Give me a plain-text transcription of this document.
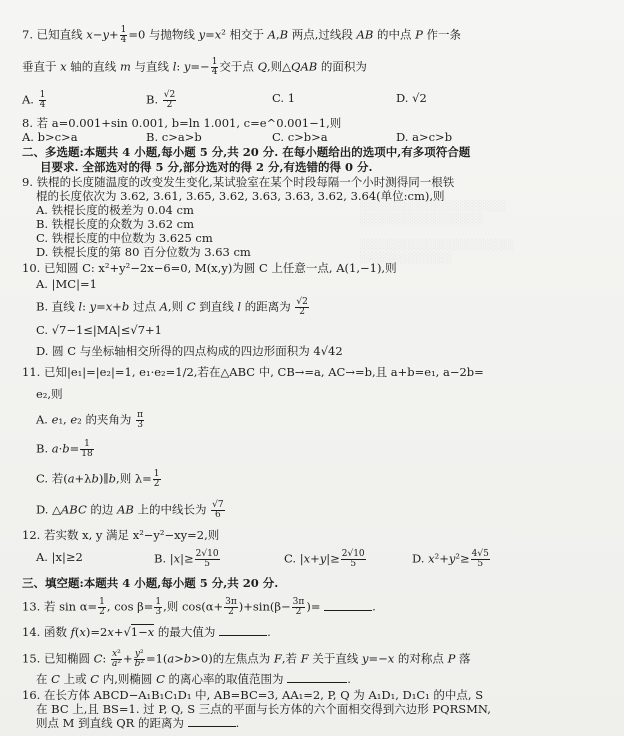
░░░░░░░░░░░░░░░░░░░
░░░░░░░░░░░░░░░░

░░░░░░░░░░░░░░░░░░░░
░░░░░░░░░░░░

7. 已知直线 $x-y+ \frac{1}{4} =0$ 与抛物线 y=x² 相交于 A,B 两点,过线段 AB 的中点 P 作一条
垂直于 x 轴的直线 m 与直线 l: $y=- \frac{1}{4}$ 交于点 Q,则△QAB 的面积为
A. $\frac{1}{4}$	B. $\frac{√2}{2}$	C. 1	D. √2
8. 若 a=0.001+sin 0.001, b=ln 1.001, c=e^0.001−1,则
A. b>c>a	B. c>a>b	C. c>b>a	D. a>c>b
二、多选题:本题共 4 小题,每小题 5 分,共 20 分. 在每小题给出的选项中,有多项符合题
目要求. 全部选对的得 5 分,部分选对的得 2 分,有选错的得 0 分.
9. 铁棍的长度随温度的改变发生变化,某试验室在某个时段每隔一个小时测得同一根铁
棍的长度依次为 3.62, 3.61, 3.65, 3.62, 3.63, 3.63, 3.62, 3.64(单位:cm),则
A. 铁棍长度的极差为 0.04 cm
B. 铁棍长度的众数为 3.62 cm
C. 铁棍长度的中位数为 3.625 cm
D. 铁棍长度的第 80 百分位数为 3.63 cm
10. 已知圆 C: x²+y²−2x−6=0, M(x,y)为圆 C 上任意一点, A(1,−1),则
A. |MC|=1
B. 直线 l: y=x+b 过点 A,则 C 到直线 l 的距离为 $\frac{√2}{2}$
C. √7−1≤|MA|≤√7+1
D. 圆 C 与坐标轴相交所得的四点构成的四边形面积为 4√42
11. 已知|e₁|=|e₂|=1, e₁·e₂=1/2,若在△ABC 中, CB→=a, AC→=b,且 a+b=e₁, a−2b=
e₂,则
A. e₁, e₂ 的夹角为 $\frac{\pi}{3}$
B. $a\cdot b= \frac{1}{18}$
C. 若(a+λb)∥b,则 $\lambda= \frac{1}{2}$
D. △ABC 的边 AB 上的中线长为 $\frac{√7}{6}$
12. 若实数 x, y 满足 x²−y²−xy=2,则
A. |x|≥2	B. $|x|\ge \frac{2√10}{5}$	C. $|x+y|\ge \frac{2√10}{5}$	D. $x^2+y^2\ge \frac{4√5}{5}$
三、填空题:本题共 4 小题,每小题 5 分,共 20 分.
13. 若 $\sin \alpha= \frac{1}{2}$ , $\cos \beta= \frac{1}{3}$ ,则 $\cos(\alpha+ \frac{3\pi}{2} )+\sin(\beta- \frac{3\pi}{2}$ )=	.
14. 函数 f(x)=2x+√1−x 的最大值为	.
15. 已知椭圆 C: $\frac{\text{x²}}{\text{a²}} + \frac{\text{y²}}{\text{b²}} =1(a>b>0)$的左焦点为 F,若 F 关于直线 y=−x 的对称点 P 落
在 C 上或 C 内,则椭圆 C 的离心率的取值范围为	.
16. 在长方体 ABCD−A₁B₁C₁D₁ 中, AB=BC=3, AA₁=2, P, Q 为 A₁D₁, D₁C₁ 的中点, S
在 BC 上,且 BS=1. 过 P, Q, S 三点的平面与长方体的六个面相交得到六边形 PQRSMN,
则点 M 到直线 QR 的距离为	.
